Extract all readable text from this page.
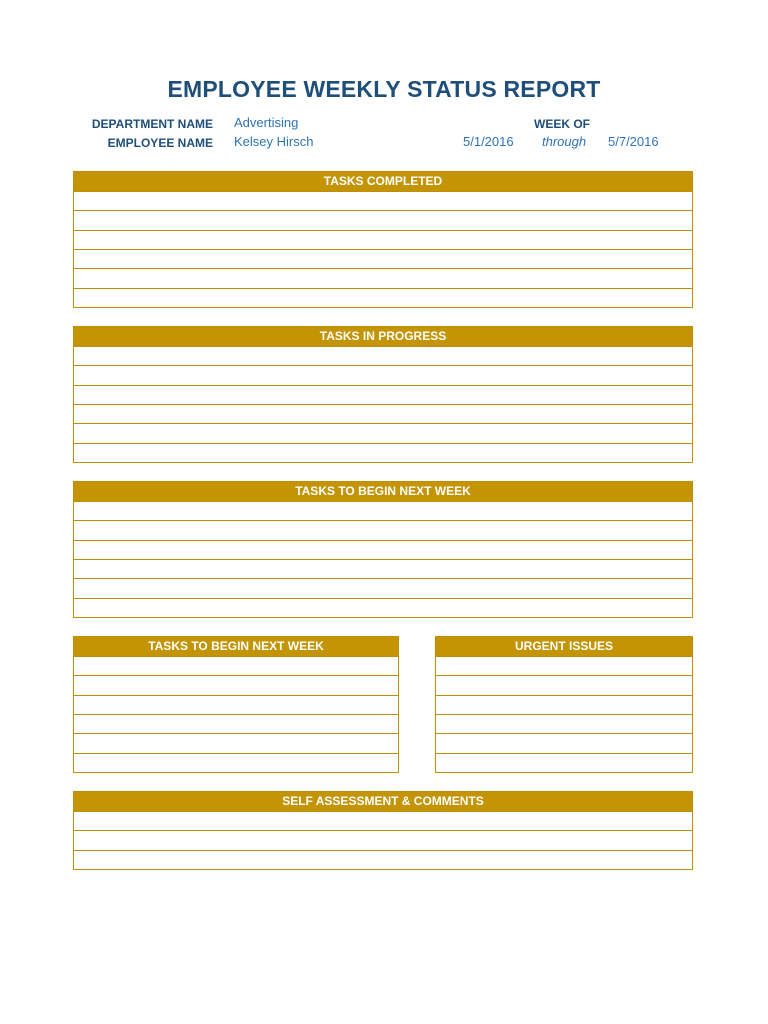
EMPLOYEE WEEKLY STATUS REPORT
DEPARTMENT NAME Advertising
EMPLOYEE NAME Kelsey Hirsch
WEEK OF
5/1/2016 through 5/7/2016
TASKS COMPLETED
TASKS IN PROGRESS
TASKS TO BEGIN NEXT WEEK
TASKS TO BEGIN NEXT WEEK	URGENT ISSUES
SELF ASSESSMENT & COMMENTS
